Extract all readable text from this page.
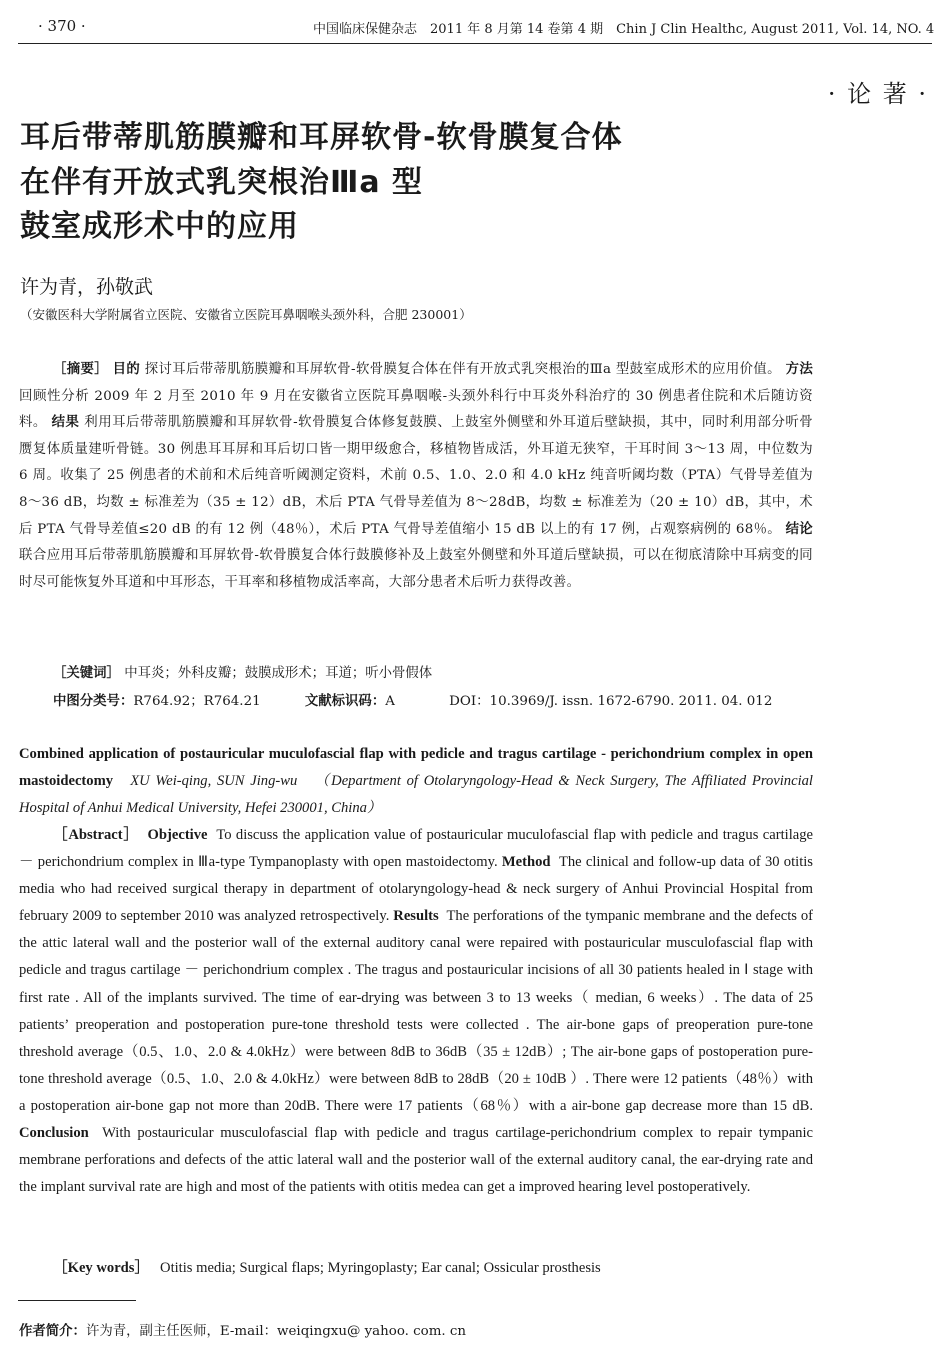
· 370 ·	中国临床保健杂志　2011 年 8 月第 14 卷第 4 期　Chin J Clin Healthc, August 2011, Vol. 14, NO. 4
· 论 著 ·
耳后带蒂肌筋膜瓣和耳屏软骨-软骨膜复合体
在伴有开放式乳突根治Ⅲa 型
鼓室成形术中的应用
许为青，孙敬武
（安徽医科大学附属省立医院、安徽省立医院耳鼻咽喉头颈外科，合肥 230001）
［摘要］ 目的 探讨耳后带蒂肌筋膜瓣和耳屏软骨-软骨膜复合体在伴有开放式乳突根治的Ⅲa 型鼓室成形术的应用价值。 方法 回顾性分析 2009 年 2 月至 2010 年 9 月在安徽省立医院耳鼻咽喉-头颈外科行中耳炎外科治疗的 30 例患者住院和术后随访资料。 结果 利用耳后带蒂肌筋膜瓣和耳屏软骨-软骨膜复合体修复鼓膜、上鼓室外侧壁和外耳道后壁缺损，其中，同时利用部分听骨赝复体质量建听骨链。30 例患耳耳屏和耳后切口皆一期甲级愈合，移植物皆成活，外耳道无狭窄，干耳时间 3～13 周，中位数为 6 周。收集了 25 例患者的术前和术后纯音听阈测定资料，术前 0.5、1.0、2.0 和 4.0 kHz 纯音听阈均数（PTA）气骨导差值为 8～36 dB，均数 ± 标准差为（35 ± 12）dB，术后 PTA 气骨导差值为 8～28dB，均数 ± 标准差为（20 ± 10）dB，其中，术后 PTA 气骨导差值≤20 dB 的有 12 例（48％），术后 PTA 气骨导差值缩小 15 dB 以上的有 17 例，占观察病例的 68％。 结论 联合应用耳后带蒂肌筋膜瓣和耳屏软骨-软骨膜复合体行鼓膜修补及上鼓室外侧壁和外耳道后壁缺损，可以在彻底清除中耳病变的同时尽可能恢复外耳道和中耳形态，干耳率和移植物成活率高，大部分患者术后听力获得改善。
［关键词］ 中耳炎；外科皮瓣；鼓膜成形术；耳道；听小骨假体
中图分类号：R764.92；R764.21	文献标识码：A	DOI：10.3969/J. issn. 1672-6790. 2011. 04. 012
Combined application of postauricular muculofascial flap with pedicle and tragus cartilage - perichondrium complex in open mastoidectomy XU Wei-qing, SUN Jing-wu （Department of Otolaryngology-Head & Neck Surgery, The Affiliated Provincial Hospital of Anhui Medical University, Hefei 230001, China）
［Abstract］ Objective To discuss the application value of postauricular muculofascial flap with pedicle and tragus cartilage － perichondrium complex in Ⅲa-type Tympanoplasty with open mastoidectomy. Method The clinical and follow-up data of 30 otitis media who had received surgical therapy in department of otolaryngology-head & neck surgery of Anhui Provincial Hospital from february 2009 to september 2010 was analyzed retrospectively. Results The perforations of the tympanic membrane and the defects of the attic lateral wall and the posterior wall of the external auditory canal were repaired with postauricular musculofascial flap with pedicle and tragus cartilage － perichondrium complex . The tragus and postauricular incisions of all 30 patients healed in Ⅰ stage with first rate . All of the implants survived. The time of ear-drying was between 3 to 13 weeks（ median, 6 weeks）. The data of 25 patients’ preoperation and postoperation pure-tone threshold tests were collected . The air-bone gaps of preoperation pure-tone threshold average（0.5、1.0、2.0 & 4.0kHz）were between 8dB to 36dB（35 ± 12dB）; The air-bone gaps of postoperation pure-tone threshold average（0.5、1.0、2.0 & 4.0kHz）were between 8dB to 28dB（20 ± 10dB ）. There were 12 patients（48％）with a postoperation air-bone gap not more than 20dB. There were 17 patients（68％）with a air-bone gap decrease more than 15 dB. Conclusion With postauricular musculofascial flap with pedicle and tragus cartilage-perichondrium complex to repair tympanic membrane perforations and defects of the attic lateral wall and the posterior wall of the external auditory canal, the ear-drying rate and the implant survival rate are high and most of the patients with otitis medea can get a improved hearing level postoperatively.
［Key words］ Otitis media; Surgical flaps; Myringoplasty; Ear canal; Ossicular prosthesis
作者简介：许为青，副主任医师，E-mail：weiqingxu@ yahoo. com. cn
